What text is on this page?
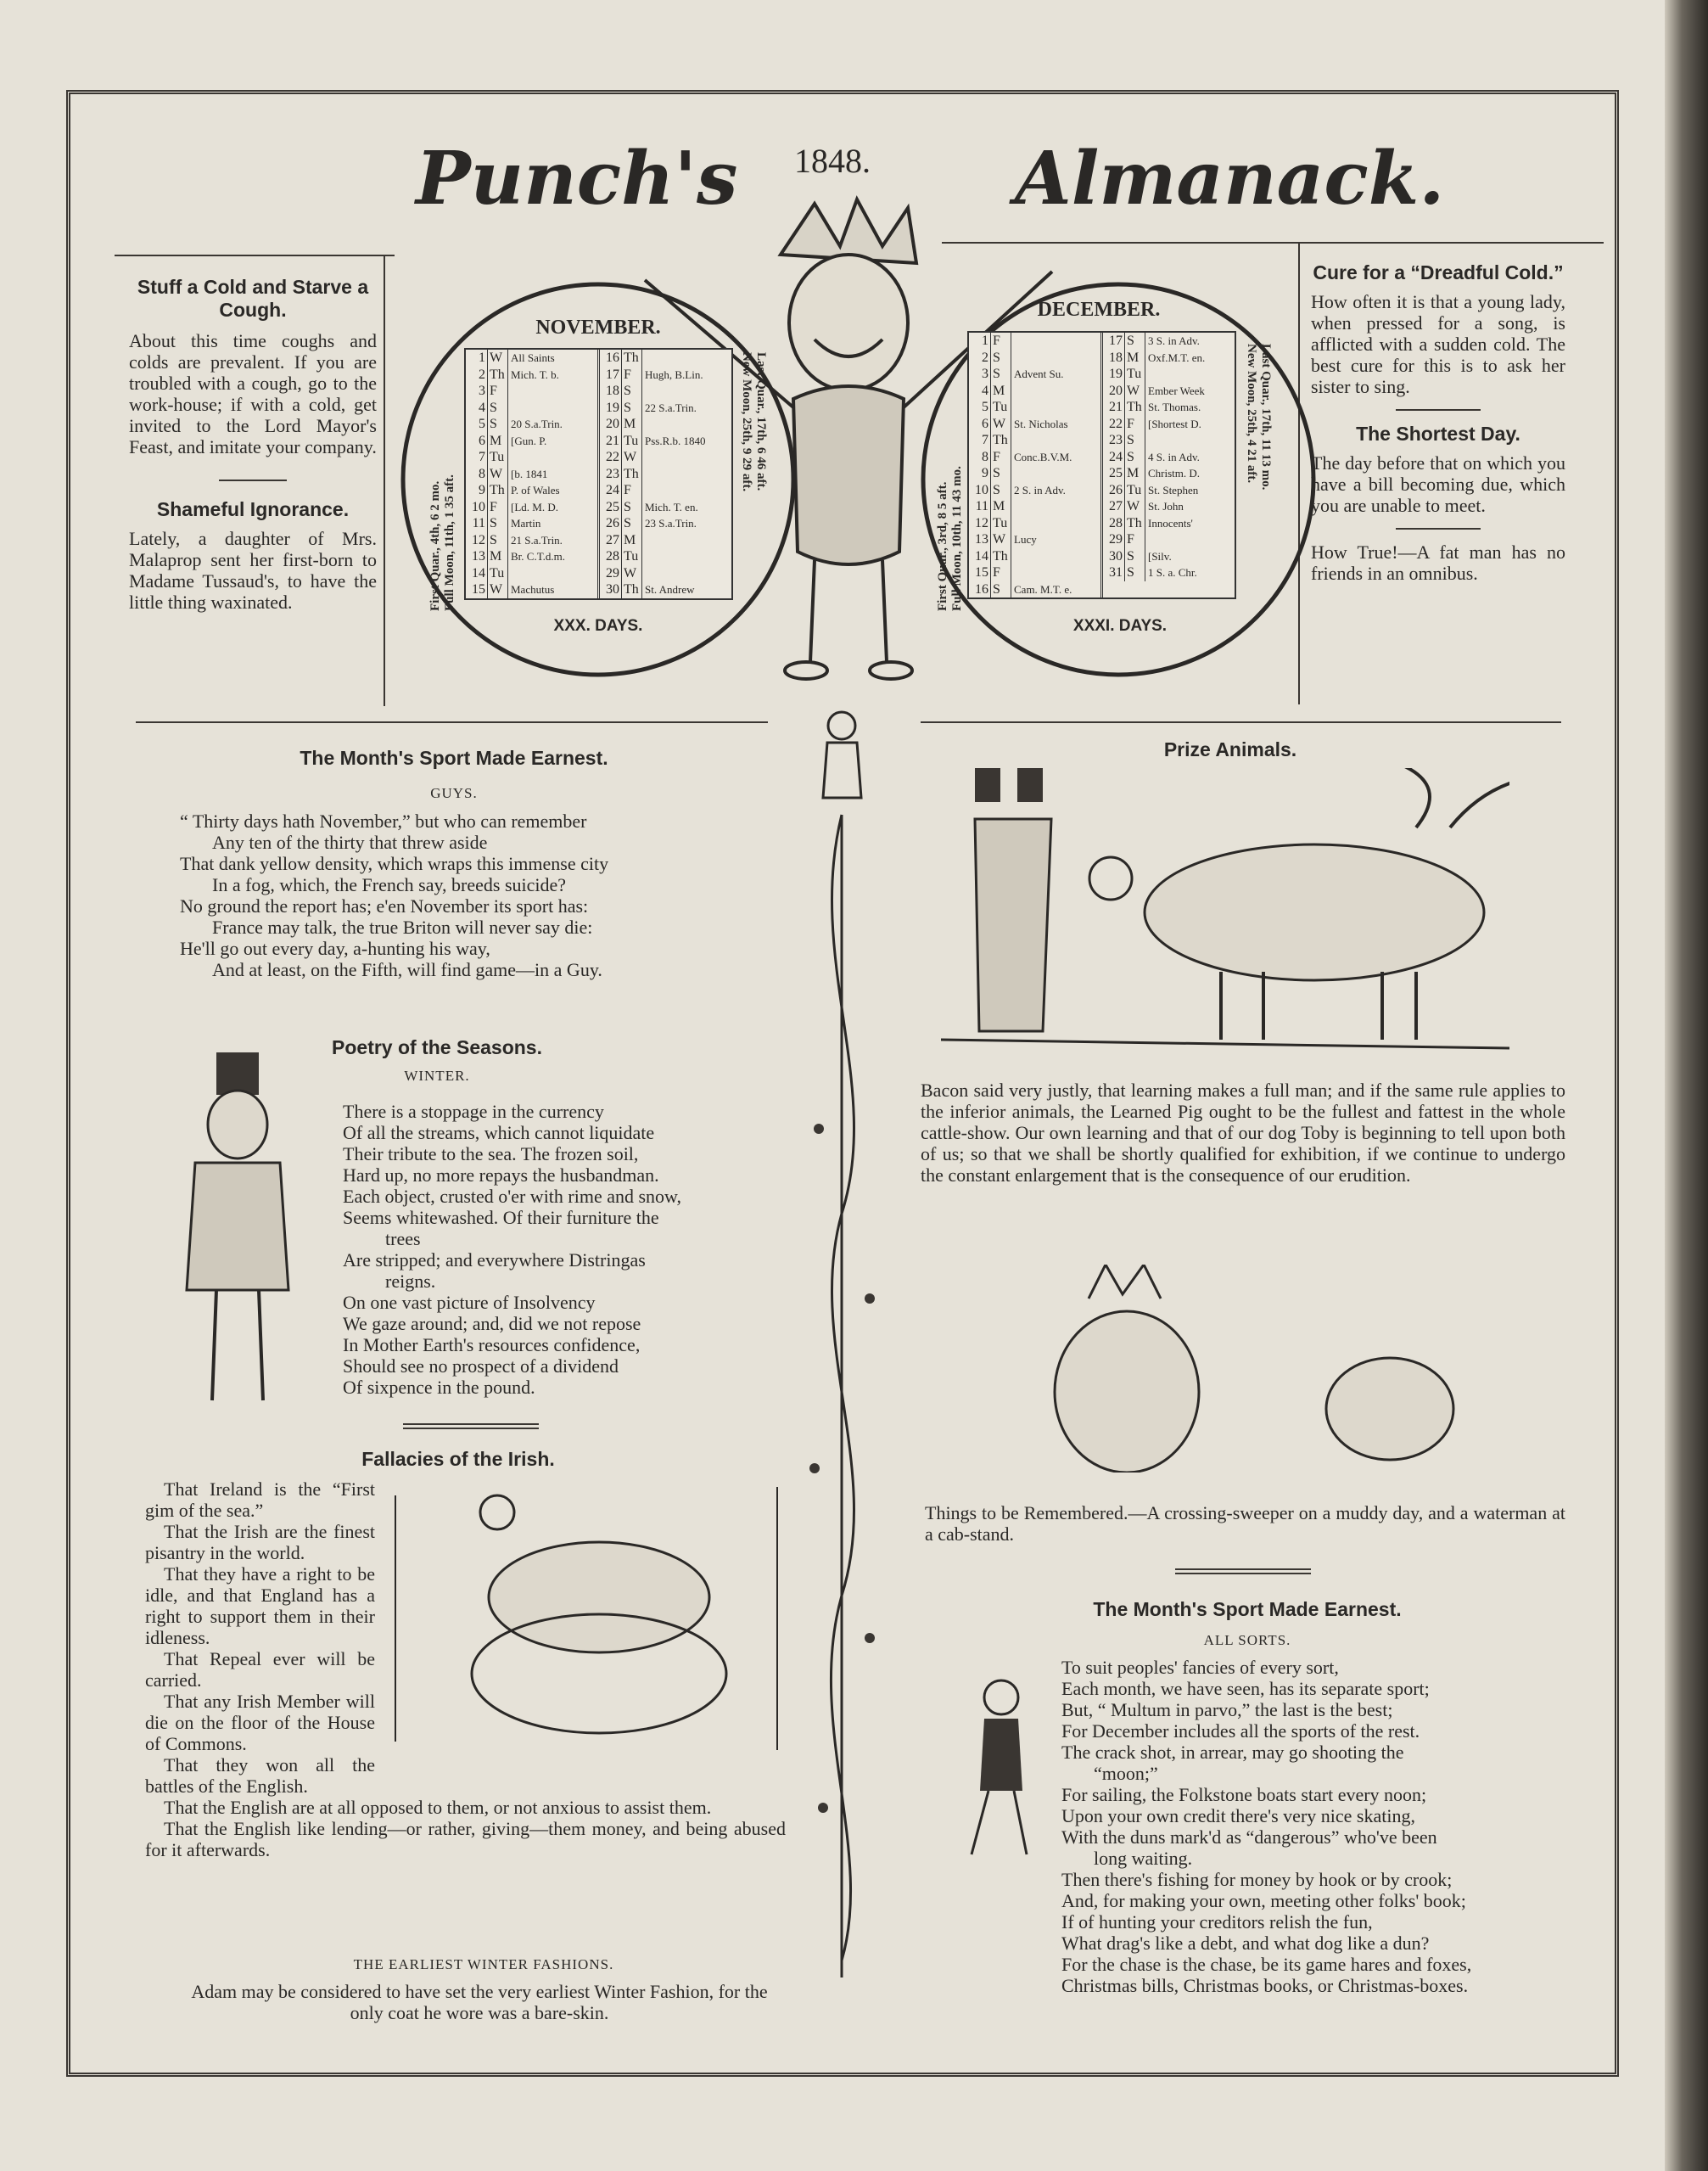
Punch's 1848. Almanack.
Stuff a Cold and Starve a Cough.
About this time coughs and colds are prevalent. If you are troubled with a cough, go to the work-house; if with a cold, get invited to the Lord Mayor's Feast, and imitate your company.
Shameful Ignorance.
Lately, a daughter of Mrs. Malaprop sent her first-born to Madame Tussaud's, to have the little thing waxinated.
Cure for a “Dreadful Cold.”
How often it is that a young lady, when pressed for a song, is afflicted with a sudden cold. The best cure for this is to ask her sister to sing.
The Shortest Day.
The day before that on which you have a bill becoming due, which you are unable to meet.
How True!—A fat man has no friends in an omnibus.
NOVEMBER.
1 W All Saints
2 Th Mich. T. b.
3 F
4 S
5 S	20 S.a.Trin.
6 M [Gun. P.
7 Tu
8 W [b. 1841
9 Th P. of Wales
10 F	[Ld. M. D.
11 S	Martin
12 S	21 S.a.Trin.
13 M Br. C.T.d.m.
14 Tu
15 W Machutus
16 Th
17 F	Hugh, B.Lin.
18 S
19 S	22 S.a.Trin.
20 M
21 Tu Pss.R.b. 1840
22 W
23 Th
24 F
25 S	Mich. T. en.
26 S	23 S.a.Trin.
27 M
28 Tu
29 W
30 Th St. Andrew
First Quar., 4th, 6 2 mo. Full Moon, 11th, 1 35 aft.
Last Quar., 17th, 6 46 aft.
New Moon, 25th, 9 29 aft.
XXX. DAYS.
DECEMBER.
1 F
2 S
3 S	Advent Su.
4 M
5 Tu
6 W St. Nicholas
7 Th
8 F	Conc.B.V.M.
9 S
10 S	2 S. in Adv.
11 M
12 Tu
13 W Lucy
14 Th
15 F
16 S	Cam. M.T. e.
17 S	3 S. in Adv.
18 M Oxf.M.T. en.
19 Tu
20 W Ember Week
21 Th St. Thomas.
22 F	[Shortest D.
23 S
24 S	4 S. in Adv.
25 M Christm. D.
26 Tu St. Stephen
27 W St. John
28 Th Innocents'
29 F
30 S	[Silv.
31 S	1 S. a. Chr.
First Quar., 3rd, 8 5 aft. Full Moon, 10th, 11 43 mo.
Last Quar., 17th, 11 13 mo.
New Moon, 25th, 4 21 aft.
XXXI. DAYS.
The Month's Sport Made Earnest.
GUYS.
“ Thirty days hath November,” but who can remember
Any ten of the thirty that threw aside
That dank yellow density, which wraps this immense city
In a fog, which, the French say, breeds suicide?
No ground the report has; e'en November its sport has:
France may talk, the true Briton will never say die:
He'll go out every day, a-hunting his way,
And at least, on the Fifth, will find game—in a Guy.
Poetry of the Seasons.
WINTER.
There is a stoppage in the currency
Of all the streams, which cannot liquidate
Their tribute to the sea. The frozen soil,
Hard up, no more repays the husbandman.
Each object, crusted o'er with rime and snow,
Seems whitewashed. Of their furniture the
trees
Are stripped; and everywhere Distringas
reigns.
On one vast picture of Insolvency
We gaze around; and, did we not repose
In Mother Earth's resources confidence,
Should see no prospect of a dividend
Of sixpence in the pound.
Fallacies of the Irish.
That Ireland is the “First gim of the sea.”
That the Irish are the finest pisantry in the world.
That they have a right to be idle, and that England has a right to support them in their idleness.
That Repeal ever will be carried.
That any Irish Member will die on the floor of the House of Commons.
That they won all the battles of the English.
That the English are at all opposed to them, or not anxious to assist them.
That the English like lending—or rather, giving—them money, and being abused for it afterwards.
THE EARLIEST WINTER FASHIONS.
Adam may be considered to have set the very earliest Winter Fashion, for the only coat he wore was a bare-skin.
Prize Animals.
Bacon said very justly, that learning makes a full man; and if the same rule applies to the inferior animals, the Learned Pig ought to be the fullest and fattest in the whole cattle-show. Our own learning and that of our dog Toby is beginning to tell upon both of us; so that we shall be shortly qualified for exhibition, if we continue to undergo the constant enlargement that is the consequence of our erudition.
Things to be Remembered.—A crossing-sweeper on a muddy day, and a waterman at a cab-stand.
The Month's Sport Made Earnest.
ALL SORTS.
To suit peoples' fancies of every sort,
Each month, we have seen, has its separate sport;
But, “ Multum in parvo,” the last is the best;
For December includes all the sports of the rest.
The crack shot, in arrear, may go shooting the
“moon;”
For sailing, the Folkstone boats start every noon;
Upon your own credit there's very nice skating,
With the duns mark'd as “dangerous” who've been
long waiting.
Then there's fishing for money by hook or by crook;
And, for making your own, meeting other folks' book;
If of hunting your creditors relish the fun,
What drag's like a debt, and what dog like a dun?
For the chase is the chase, be its game hares and foxes,
Christmas bills, Christmas books, or Christmas-boxes.
